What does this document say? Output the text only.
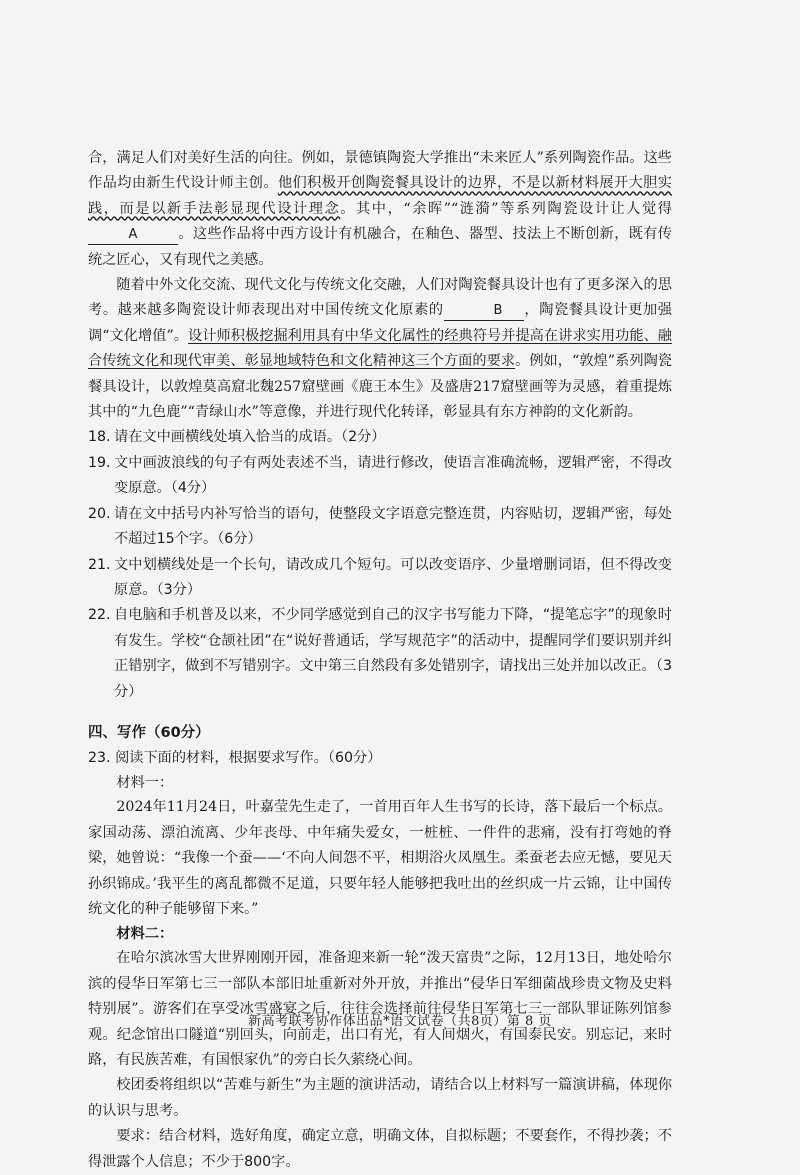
合，满足人们对美好生活的向往。例如，景德镇陶瓷大学推出“未来匠人”系列陶瓷作品。这些作品均由新生代设计师主创。他们积极开创陶瓷餐具设计的边界，不是以新材料展开大胆实践，而是以新手法彰显现代设计理念。其中，“余晖”“涟漪”等系列陶瓷设计让人觉得A	。这些作品将中西方设计有机融合，在釉色、器型、技法上不断创新，既有传统之匠心，又有现代之美感。

随着中外文化交流、现代文化与传统文化交融，人们对陶瓷餐具设计也有了更多深入的思考。越来越多陶瓷设计师表现出对中国传统文化原素的	B ，陶瓷餐具设计更加强调“文化增值”。设计师积极挖掘利用具有中华文化属性的经典符号并提高在讲求实用功能、融合传统文化和现代审美、彰显地域特色和文化精神这三个方面的要求。例如，“敦煌”系列陶瓷餐具设计，以敦煌莫高窟北魏257窟壁画《鹿王本生》及盛唐217窟壁画等为灵感，着重提炼其中的“九色鹿”“青绿山水”等意像，并进行现代化转译，彰显具有东方神韵的文化新韵。

18. 请在文中画横线处填入恰当的成语。（2分）
19. 文中画波浪线的句子有两处表述不当，请进行修改，使语言准确流畅，逻辑严密，不得改变原意。（4分）
20. 请在文中括号内补写恰当的语句，使整段文字语意完整连贯，内容贴切，逻辑严密，每处不超过15个字。（6分）
21. 文中划横线处是一个长句，请改成几个短句。可以改变语序、少量增删词语，但不得改变原意。（3分）
22. 自电脑和手机普及以来，不少同学感觉到自己的汉字书写能力下降，“提笔忘字”的现象时有发生。学校“仓颉社团”在“说好普通话，学写规范字”的活动中，提醒同学们要识别并纠正错别字，做到不写错别字。文中第三自然段有多处错别字，请找出三处并加以改正。（3分）
四、写作（60分）
23. 阅读下面的材料，根据要求写作。（60分）
材料一：

2024年11月24日，叶嘉莹先生走了，一首用百年人生书写的长诗，落下最后一个标点。家国动荡、漂泊流离、少年丧母、中年痛失爱女，一桩桩、一件件的悲痛，没有打弯她的脊梁，她曾说：“我像一个蚕——‘不向人间怨不平，相期浴火凤凰生。柔蚕老去应无憾，要见天孙织锦成。’我平生的离乱都微不足道，只要年轻人能够把我吐出的丝织成一片云锦，让中国传统文化的种子能够留下来。”

材料二：

在哈尔滨冰雪大世界刚刚开园，准备迎来新一轮“泼天富贵”之际，12月13日，地处哈尔滨的侵华日军第七三一部队本部旧址重新对外开放，并推出“侵华日军细菌战珍贵文物及史料特别展”。游客们在享受冰雪盛宴之后，往往会选择前往侵华日军第七三一部队罪证陈列馆参观。纪念馆出口隧道“别回头，向前走，出口有光，有人间烟火，有国泰民安。别忘记，来时路，有民族苦难，有国恨家仇”的旁白长久萦绕心间。

校团委将组织以“苦难与新生”为主题的演讲活动，请结合以上材料写一篇演讲稿，体现你的认识与思考。

要求：结合材料，选好角度，确定立意，明确文体，自拟标题；不要套作，不得抄袭；不得泄露个人信息；不少于800字。

新高考联考协作体出品*语文试卷（共8页）第 8 页
